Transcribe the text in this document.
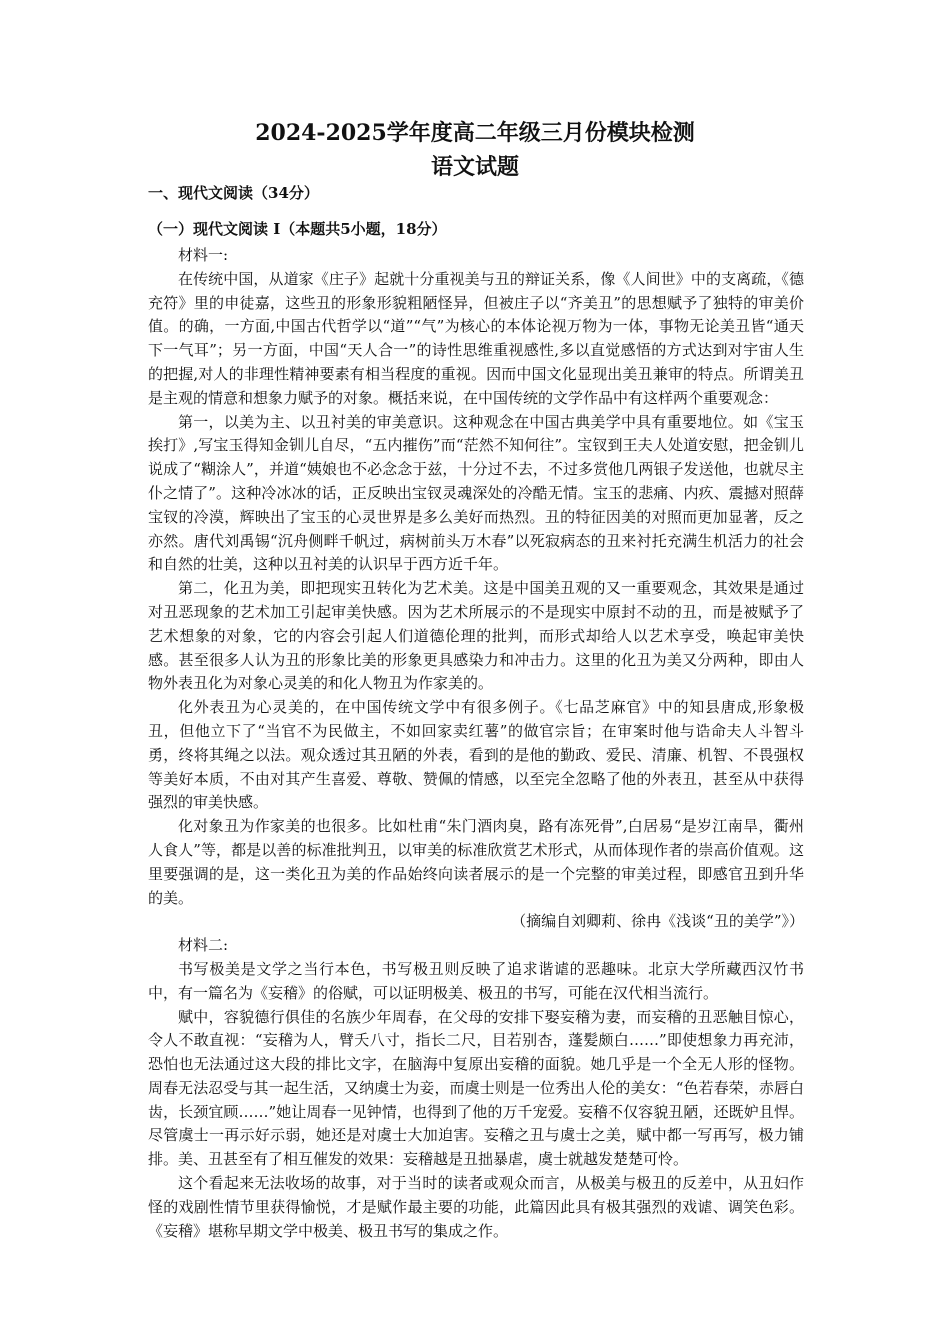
2024-2025学年度高二年级三月份模块检测
语文试题
一、现代文阅读（34分）
（一）现代文阅读 I（本题共5小题，18分）

材料一:

在传统中国，从道家《庄子》起就十分重视美与丑的辩证关系，像《人间世》中的支离疏，《德充符》里的申徒嘉，这些丑的形象形貌粗陋怪异，但被庄子以“齐美丑”的思想赋予了独特的审美价值。的确，一方面,中国古代哲学以“道”“气”为核心的本体论视万物为一体，事物无论美丑皆“通天下一气耳”；另一方面，中国“天人合一”的诗性思维重视感性,多以直觉感悟的方式达到对宇宙人生的把握,对人的非理性精神要素有相当程度的重视。因而中国文化显现出美丑兼审的特点。所谓美丑是主观的情意和想象力赋予的对象。概括来说，在中国传统的文学作品中有这样两个重要观念：

第一，以美为主、以丑衬美的审美意识。这种观念在中国古典美学中具有重要地位。如《宝玉挨打》,写宝玉得知金钏儿自尽，“五内摧伤”而“茫然不知何往”。宝钗到王夫人处道安慰，把金钏儿说成了“糊涂人”，并道“姨娘也不必念念于兹，十分过不去，不过多赏他几两银子发送他，也就尽主仆之情了”。这种冷冰冰的话，正反映出宝钗灵魂深处的冷酷无情。宝玉的悲痛、内疚、震撼对照薛宝钗的冷漠，辉映出了宝玉的心灵世界是多么美好而热烈。丑的特征因美的对照而更加显著，反之亦然。唐代刘禹锡“沉舟侧畔千帆过，病树前头万木春”以死寂病态的丑来衬托充满生机活力的社会和自然的壮美，这种以丑衬美的认识早于西方近千年。

第二，化丑为美，即把现实丑转化为艺术美。这是中国美丑观的又一重要观念，其效果是通过对丑恶现象的艺术加工引起审美快感。因为艺术所展示的不是现实中原封不动的丑，而是被赋予了艺术想象的对象，它的内容会引起人们道德伦理的批判，而形式却给人以艺术享受，唤起审美快感。甚至很多人认为丑的形象比美的形象更具感染力和冲击力。这里的化丑为美又分两种，即由人物外表丑化为对象心灵美的和化人物丑为作家美的。

化外表丑为心灵美的，在中国传统文学中有很多例子。《七品芝麻官》中的知县唐成,形象极丑，但他立下了“当官不为民做主，不如回家卖红薯”的做官宗旨；在审案时他与诰命夫人斗智斗勇，终将其绳之以法。观众透过其丑陋的外表，看到的是他的勤政、爱民、清廉、机智、不畏强权等美好本质，不由对其产生喜爱、尊敬、赞佩的情感，以至完全忽略了他的外表丑，甚至从中获得强烈的审美快感。

化对象丑为作家美的也很多。比如杜甫“朱门酒肉臭，路有冻死骨”,白居易“是岁江南旱，衢州人食人”等，都是以善的标准批判丑，以审美的标准欣赏艺术形式，从而体现作者的崇高价值观。这里要强调的是，这一类化丑为美的作品始终向读者展示的是一个完整的审美过程，即感官丑到升华的美。

（摘编自刘卿莉、徐冉《浅谈“丑的美学”》）

材料二:

书写极美是文学之当行本色，书写极丑则反映了追求谐谑的恶趣味。北京大学所藏西汉竹书中，有一篇名为《妄稽》的俗赋，可以证明极美、极丑的书写，可能在汉代相当流行。

赋中，容貌德行俱佳的名族少年周春，在父母的安排下娶妄稽为妻，而妄稽的丑恶触目惊心，令人不敢直视：“妄稽为人，臂夭八寸，指长二尺，目若别杏，蓬髪颇白……”即使想象力再充沛，恐怕也无法通过这大段的排比文字，在脑海中复原出妄稽的面貌。她几乎是一个全无人形的怪物。周春无法忍受与其一起生活，又纳虞士为妾，而虞士则是一位秀出人伦的美女：“色若春荣，赤唇白齿，长颈宜顾……”她让周春一见钟情，也得到了他的万千宠爱。妄稽不仅容貌丑陋，还既妒且悍。尽管虞士一再示好示弱，她还是对虞士大加迫害。妄稽之丑与虞士之美，赋中都一写再写，极力铺排。美、丑甚至有了相互催发的效果：妄稽越是丑拙暴虐，虞士就越发楚楚可怜。

这个看起来无法收场的故事，对于当时的读者或观众而言，从极美与极丑的反差中，从丑妇作怪的戏剧性情节里获得愉悦，才是赋作最主要的功能，此篇因此具有极其强烈的戏谑、调笑色彩。《妄稽》堪称早期文学中极美、极丑书写的集成之作。
